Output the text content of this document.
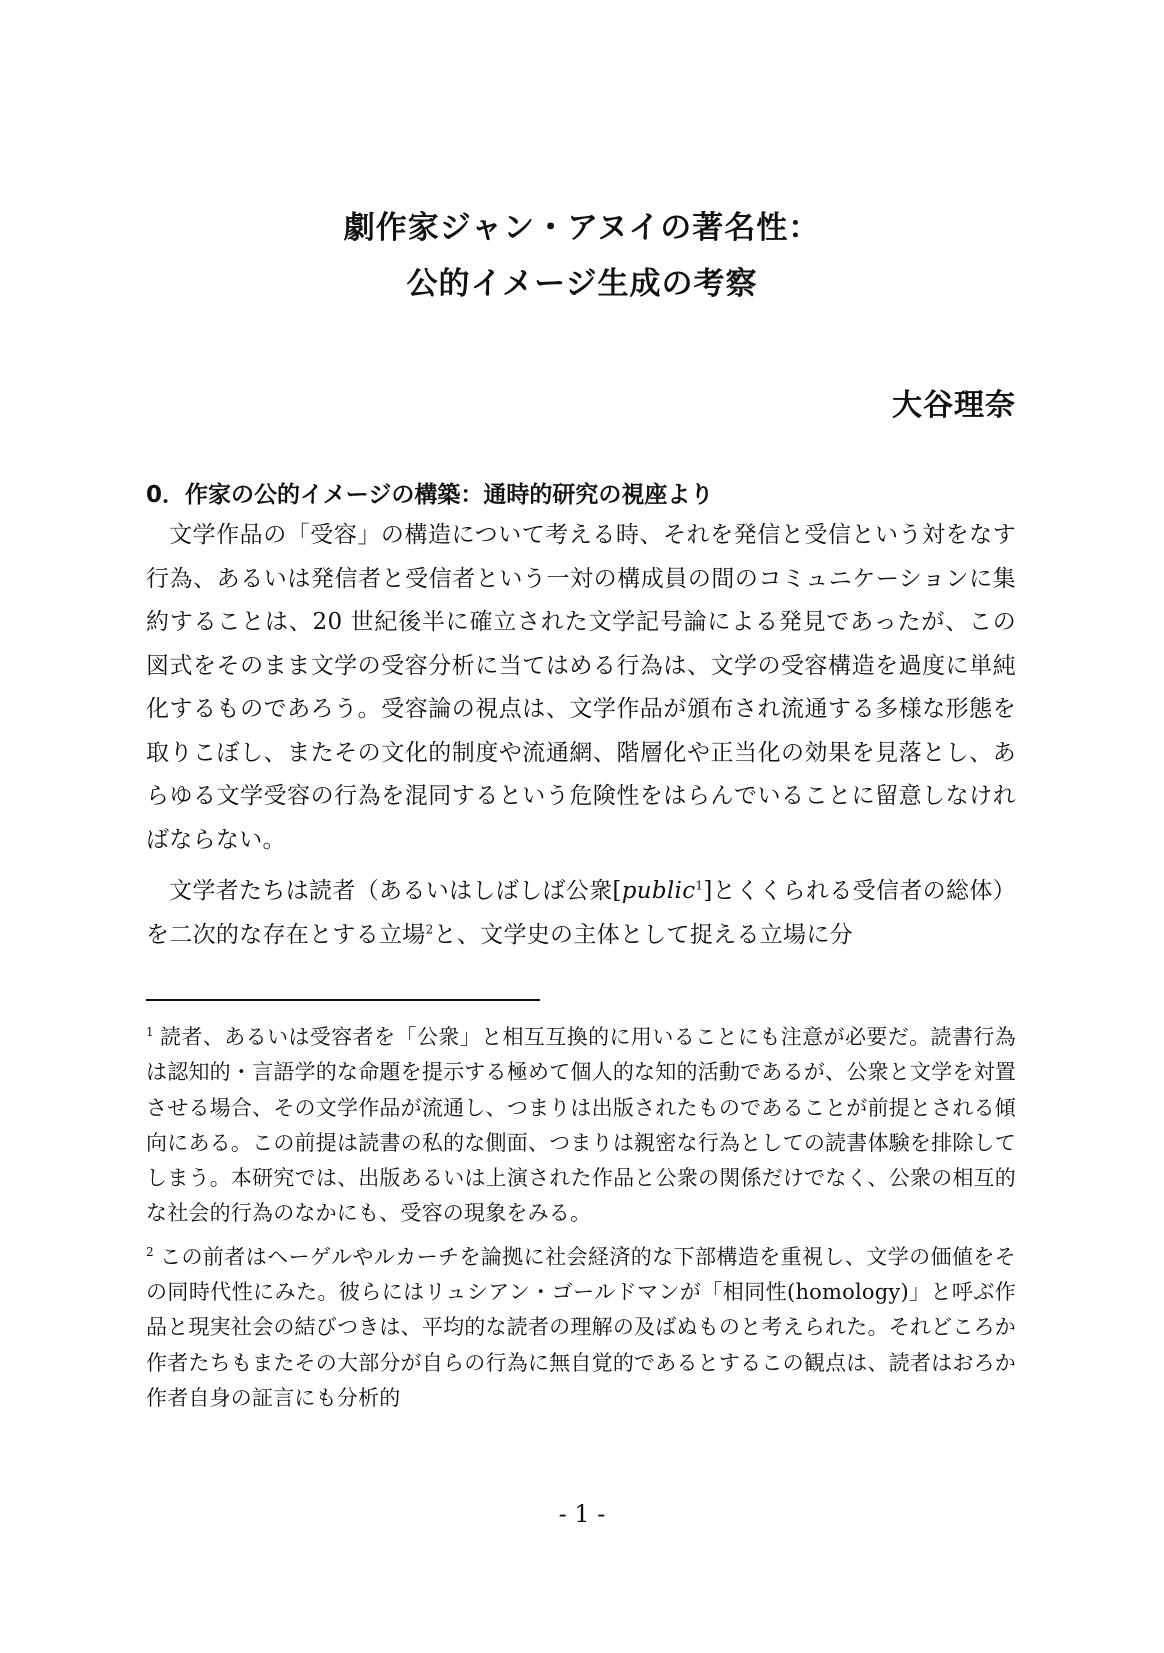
劇作家ジャン・アヌイの著名性：
公的イメージ生成の考察
大谷理奈
0．作家の公的イメージの構築：通時的研究の視座より

文学作品の「受容」の構造について考える時、それを発信と受信という対をなす行為、あるいは発信者と受信者という一対の構成員の間のコミュニケーションに集約することは、20 世紀後半に確立された文学記号論による発見であったが、この図式をそのまま文学の受容分析に当てはめる行為は、文学の受容構造を過度に単純化するものであろう。受容論の視点は、文学作品が頒布され流通する多様な形態を取りこぼし、またその文化的制度や流通網、階層化や正当化の効果を見落とし、あらゆる文学受容の行為を混同するという危険性をはらんでいることに留意しなければならない。

文学者たちは読者（あるいはしばしば公衆[public$^1$]とくくられる受信者の総体）を二次的な存在とする立場$^2$と、文学史の主体として捉える立場に分

$^1$ 読者、あるいは受容者を「公衆」と相互互換的に用いることにも注意が必要だ。読書行為は認知的・言語学的な命題を提示する極めて個人的な知的活動であるが、公衆と文学を対置させる場合、その文学作品が流通し、つまりは出版されたものであることが前提とされる傾向にある。この前提は読書の私的な側面、つまりは親密な行為としての読書体験を排除してしまう。本研究では、出版あるいは上演された作品と公衆の関係だけでなく、公衆の相互的な社会的行為のなかにも、受容の現象をみる。

$^2$ この前者はヘーゲルやルカーチを論拠に社会経済的な下部構造を重視し、文学の価値をその同時代性にみた。彼らにはリュシアン・ゴールドマンが「相同性(homology)」と呼ぶ作品と現実社会の結びつきは、平均的な読者の理解の及ばぬものと考えられた。それどころか作者たちもまたその大部分が自らの行為に無自覚的であるとするこの観点は、読者はおろか作者自身の証言にも分析的

- 1 -
